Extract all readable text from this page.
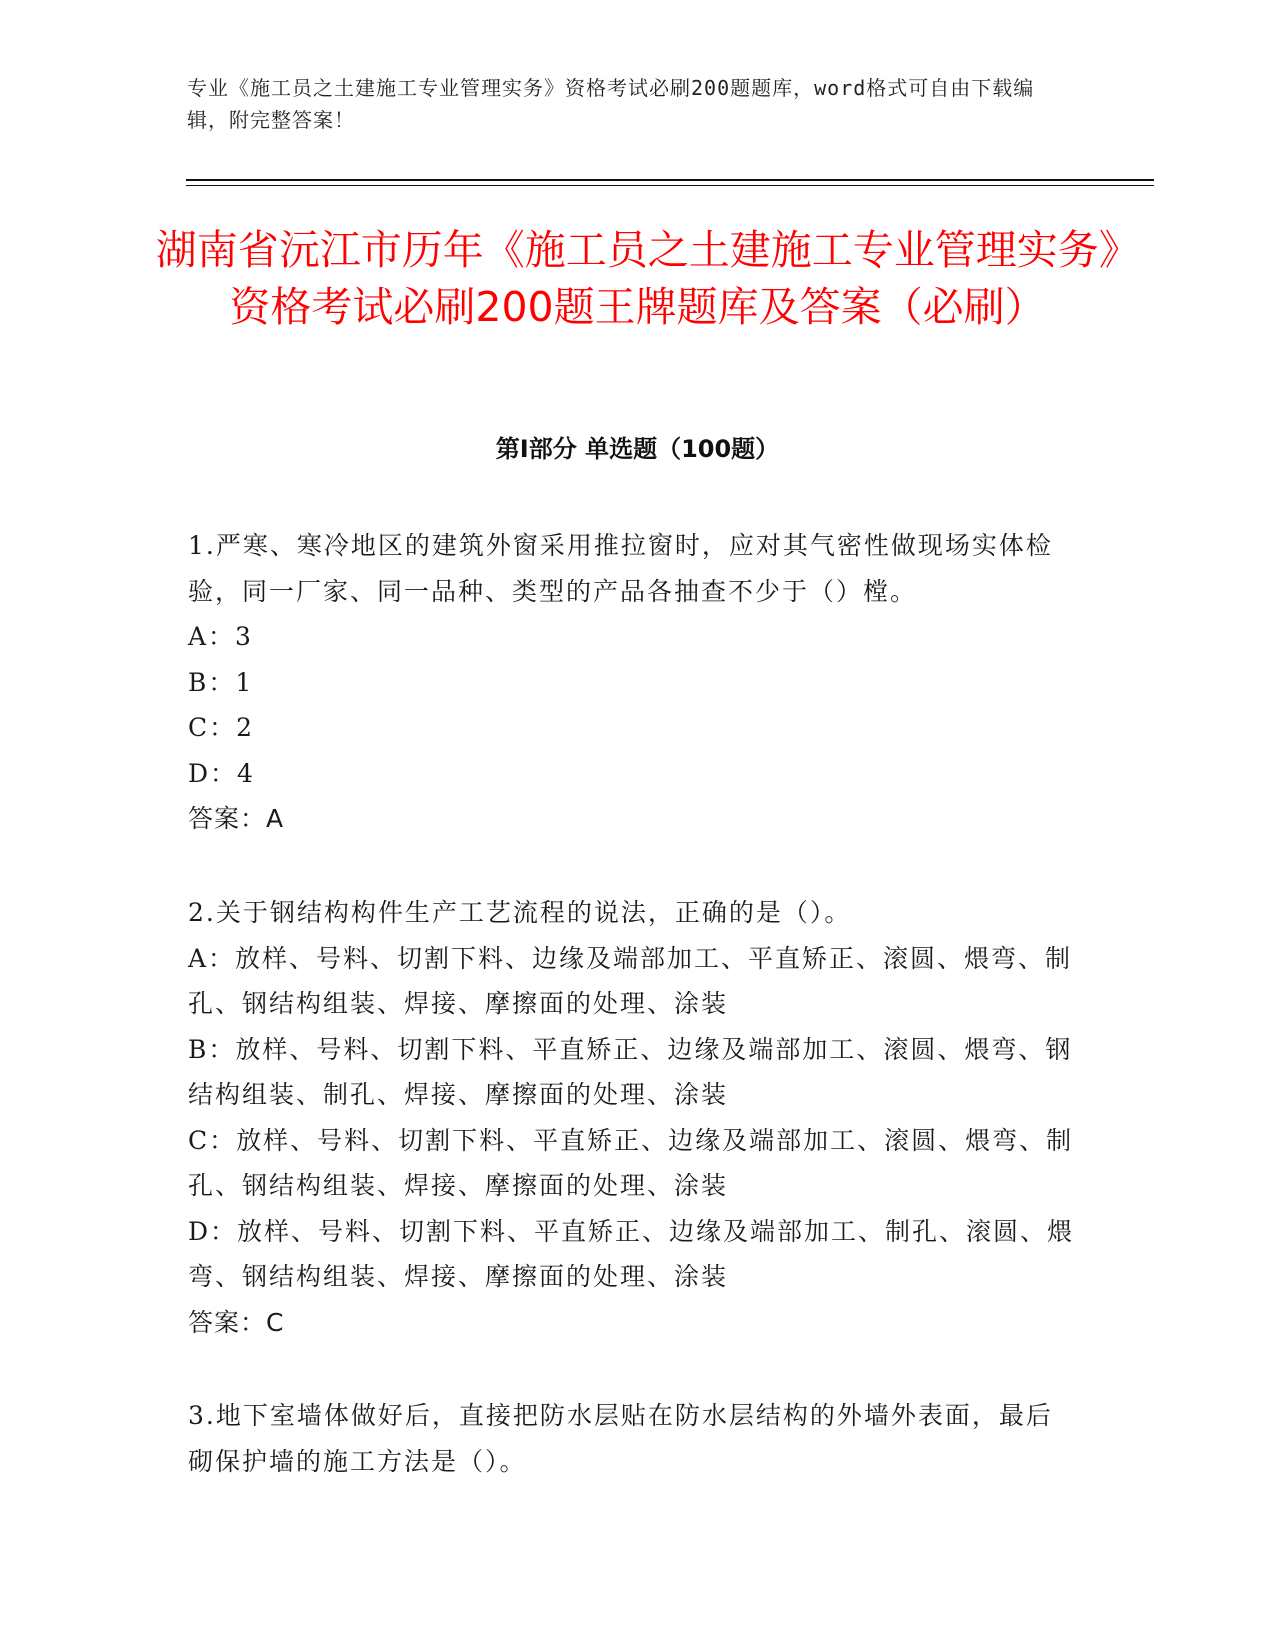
专业《施工员之土建施工专业管理实务》资格考试必刷200题题库，word格式可自由下载编辑，附完整答案！
湖南省沅江市历年《施工员之土建施工专业管理实务》资格考试必刷200题王牌题库及答案（必刷）
第Ⅰ部分 单选题（100题）

1.严寒、寒冷地区的建筑外窗采用推拉窗时，应对其气密性做现场实体检验，同一厂家、同一品种、类型的产品各抽查不少于（）樘。

A：3

B：1

C：2

D：4

答案：A

2.关于钢结构构件生产工艺流程的说法，正确的是（）。

A：放样、号料、切割下料、边缘及端部加工、平直矫正、滚圆、煨弯、制孔、钢结构组装、焊接、摩擦面的处理、涂装

B：放样、号料、切割下料、平直矫正、边缘及端部加工、滚圆、煨弯、钢结构组装、制孔、焊接、摩擦面的处理、涂装

C：放样、号料、切割下料、平直矫正、边缘及端部加工、滚圆、煨弯、制孔、钢结构组装、焊接、摩擦面的处理、涂装

D：放样、号料、切割下料、平直矫正、边缘及端部加工、制孔、滚圆、煨弯、钢结构组装、焊接、摩擦面的处理、涂装

答案：C

3.地下室墙体做好后，直接把防水层贴在防水层结构的外墙外表面，最后砌保护墙的施工方法是（）。
